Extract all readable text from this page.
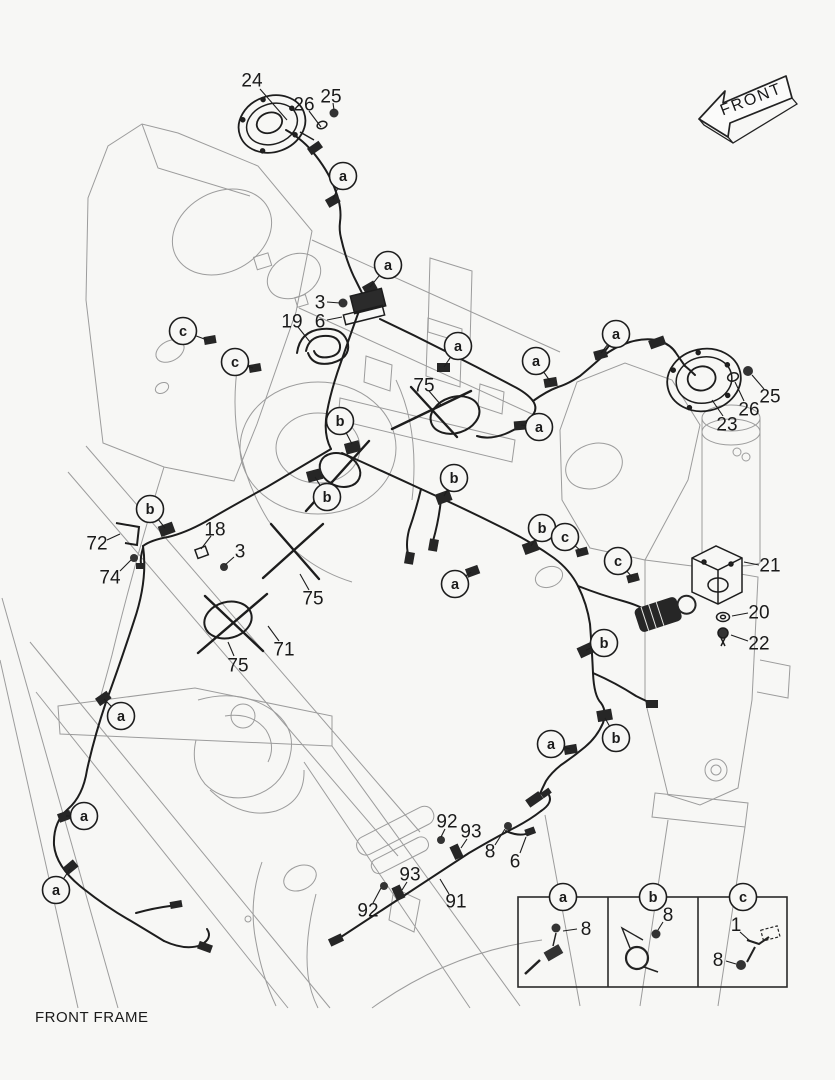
FRONT
24
26 25
3
19 6
75
72
18
3
74
75
71
75
21
20
22
23
26
25
92 93
8 6
93
91
92
a
a
a
a
a
a
a
a
a
a
a
b
b
b
b
b
b
b
c
c
c
c
a	b	c
8
8	1
8
FRONT FRAME
